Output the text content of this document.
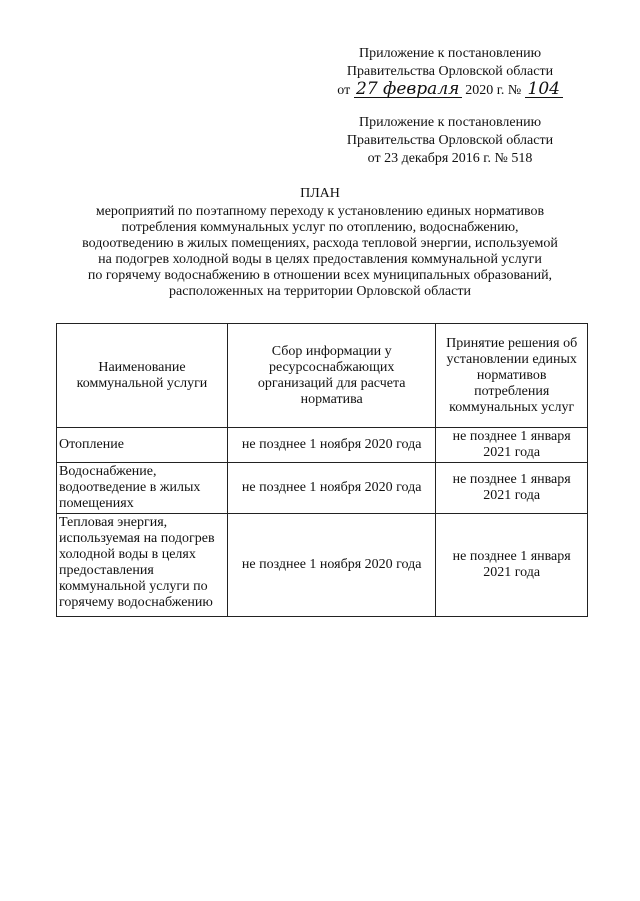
Приложение к постановлению
Правительства Орловской области
от 27 февраля 2020 г. № 104
Приложение к постановлению
Правительства Орловской области
от 23 декабря 2016 г. № 518
ПЛАН
мероприятий по поэтапному переходу к установлению единых нормативов
потребления коммунальных услуг по отоплению, водоснабжению,
водоотведению в жилых помещениях, расхода тепловой энергии, используемой
на подогрев холодной воды в целях предоставления коммунальной услуги
по горячему водоснабжению в отношении всех муниципальных образований,
расположенных на территории Орловской области
Наименование коммунальной услуги	Сбор информации у ресурсоснабжающих организаций для расчета норматива	Принятие решения об установлении единых нормативов потребления коммунальных услуг
Отопление	не позднее 1 ноября 2020 года	не позднее 1 января 2021 года
Водоснабжение, водоотведение в жилых помещениях	не позднее 1 ноября 2020 года	не позднее 1 января 2021 года
Тепловая энергия, используемая на подогрев холодной воды в целях предоставления коммунальной услуги по горячему водоснабжению	не позднее 1 ноября 2020 года	не позднее 1 января 2021 года
